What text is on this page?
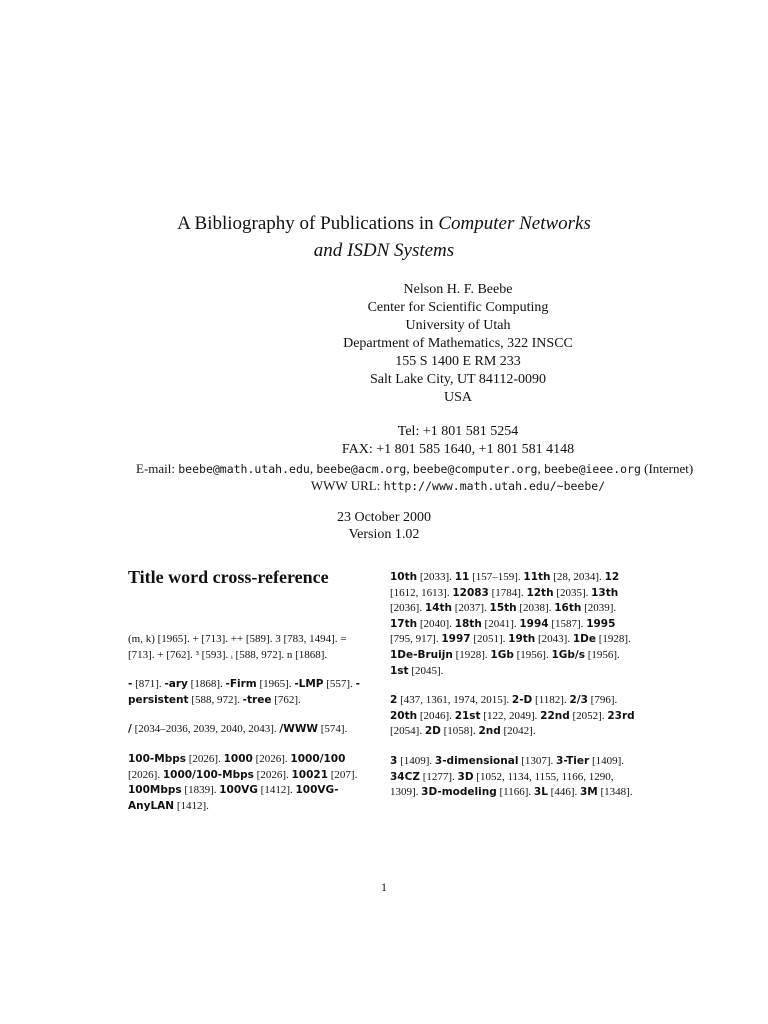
A Bibliography of Publications in Computer Networks
and ISDN Systems
Nelson H. F. Beebe
Center for Scientific Computing
University of Utah
Department of Mathematics, 322 INSCC
155 S 1400 E RM 233
Salt Lake City, UT 84112-0090
USA
Tel: +1 801 581 5254
FAX: +1 801 585 1640, +1 801 581 4148
E-mail: beebe@math.utah.edu, beebe@acm.org, beebe@computer.org, beebe@ieee.org (Internet)
WWW URL: http://www.math.utah.edu/~beebe/
23 October 2000
Version 1.02
Title word cross-reference
(m, k) [1965]. + [713]. ++ [589]. 3 [783, 1494]. = [713]. + [762]. ³ [593]. ᵢ [588, 972]. n [1868].
- [871]. -ary [1868]. -Firm [1965]. -LMP [557]. -persistent [588, 972]. -tree [762].
/ [2034–2036, 2039, 2040, 2043]. /WWW [574].
100-Mbps [2026]. 1000 [2026]. 1000/100 [2026]. 1000/100-Mbps [2026]. 10021 [207]. 100Mbps [1839]. 100VG [1412]. 100VG-AnyLAN [1412].
10th [2033]. 11 [157–159]. 11th [28, 2034]. 12 [1612, 1613]. 12083 [1784]. 12th [2035]. 13th [2036]. 14th [2037]. 15th [2038]. 16th [2039]. 17th [2040]. 18th [2041]. 1994 [1587]. 1995 [795, 917]. 1997 [2051]. 19th [2043]. 1De [1928]. 1De-Bruijn [1928]. 1Gb [1956]. 1Gb/s [1956]. 1st [2045].
2 [437, 1361, 1974, 2015]. 2-D [1182]. 2/3 [796]. 20th [2046]. 21st [122, 2049]. 22nd [2052]. 23rd [2054]. 2D [1058]. 2nd [2042].
3 [1409]. 3-dimensional [1307]. 3-Tier [1409]. 34CZ [1277]. 3D [1052, 1134, 1155, 1166, 1290, 1309]. 3D-modeling [1166]. 3L [446]. 3M [1348].
1
